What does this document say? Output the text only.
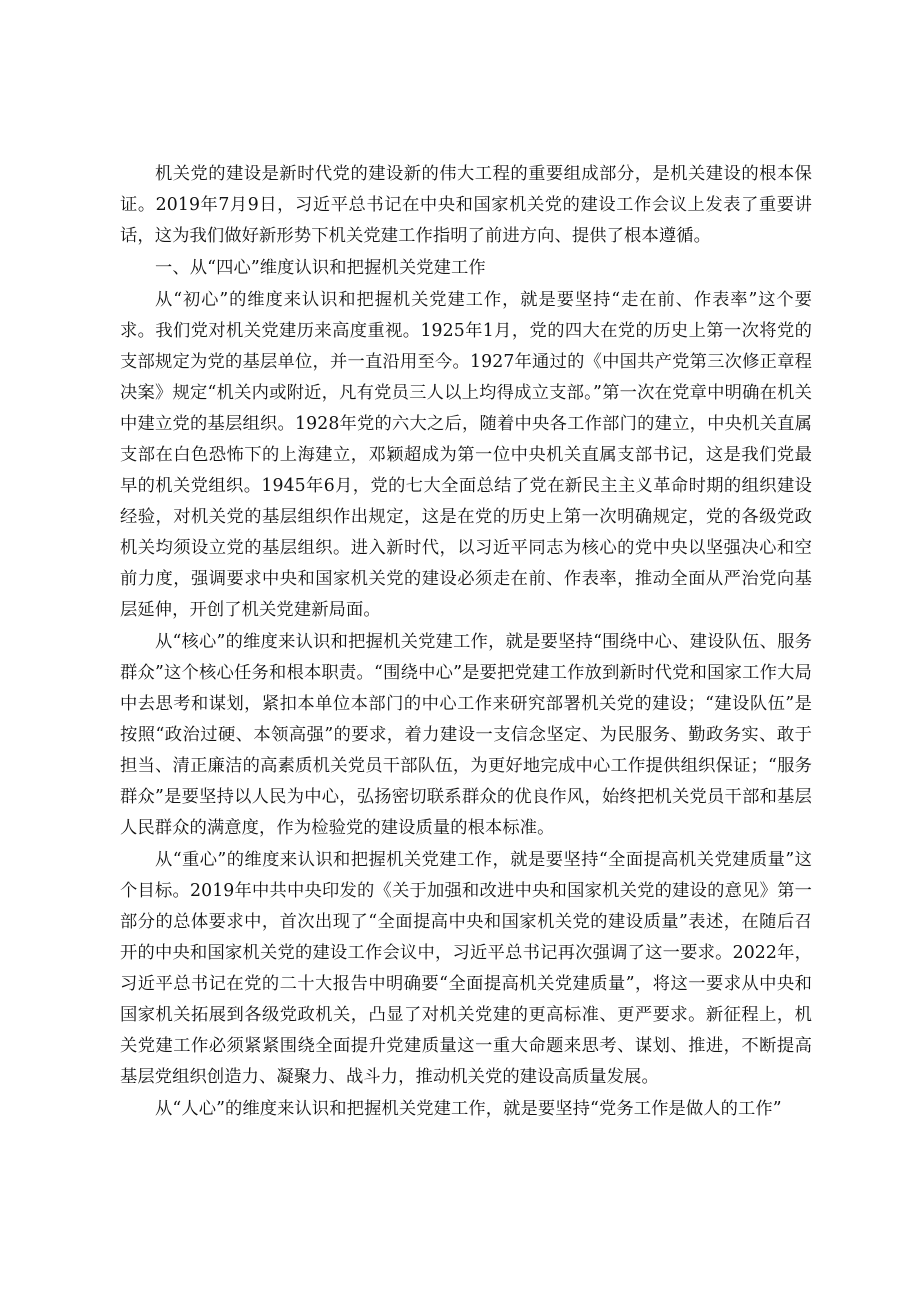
机关党的建设是新时代党的建设新的伟大工程的重要组成部分，是机关建设的根本保证。2019年7月9日，习近平总书记在中央和国家机关党的建设工作会议上发表了重要讲话，这为我们做好新形势下机关党建工作指明了前进方向、提供了根本遵循。

一、从“四心”维度认识和把握机关党建工作

从“初心”的维度来认识和把握机关党建工作，就是要坚持“走在前、作表率”这个要求。我们党对机关党建历来高度重视。1925年1月，党的四大在党的历史上第一次将党的支部规定为党的基层单位，并一直沿用至今。1927年通过的《中国共产党第三次修正章程决案》规定“机关内或附近，凡有党员三人以上均得成立支部。”第一次在党章中明确在机关中建立党的基层组织。1928年党的六大之后，随着中央各工作部门的建立，中央机关直属支部在白色恐怖下的上海建立，邓颖超成为第一位中央机关直属支部书记，这是我们党最早的机关党组织。1945年6月，党的七大全面总结了党在新民主主义革命时期的组织建设经验，对机关党的基层组织作出规定，这是在党的历史上第一次明确规定，党的各级党政机关均须设立党的基层组织。进入新时代，以习近平同志为核心的党中央以坚强决心和空前力度，强调要求中央和国家机关党的建设必须走在前、作表率，推动全面从严治党向基层延伸，开创了机关党建新局面。

从“核心”的维度来认识和把握机关党建工作，就是要坚持“围绕中心、建设队伍、服务群众”这个核心任务和根本职责。“围绕中心”是要把党建工作放到新时代党和国家工作大局中去思考和谋划，紧扣本单位本部门的中心工作来研究部署机关党的建设；“建设队伍”是按照“政治过硬、本领高强”的要求，着力建设一支信念坚定、为民服务、勤政务实、敢于担当、清正廉洁的高素质机关党员干部队伍，为更好地完成中心工作提供组织保证；“服务群众”是要坚持以人民为中心，弘扬密切联系群众的优良作风，始终把机关党员干部和基层人民群众的满意度，作为检验党的建设质量的根本标准。

从“重心”的维度来认识和把握机关党建工作，就是要坚持“全面提高机关党建质量”这个目标。2019年中共中央印发的《关于加强和改进中央和国家机关党的建设的意见》第一部分的总体要求中，首次出现了“全面提高中央和国家机关党的建设质量”表述，在随后召开的中央和国家机关党的建设工作会议中，习近平总书记再次强调了这一要求。2022年，习近平总书记在党的二十大报告中明确要“全面提高机关党建质量”，将这一要求从中央和国家机关拓展到各级党政机关，凸显了对机关党建的更高标准、更严要求。新征程上，机关党建工作必须紧紧围绕全面提升党建质量这一重大命题来思考、谋划、推进，不断提高基层党组织创造力、凝聚力、战斗力，推动机关党的建设高质量发展。

从“人心”的维度来认识和把握机关党建工作，就是要坚持“党务工作是做人的工作”
